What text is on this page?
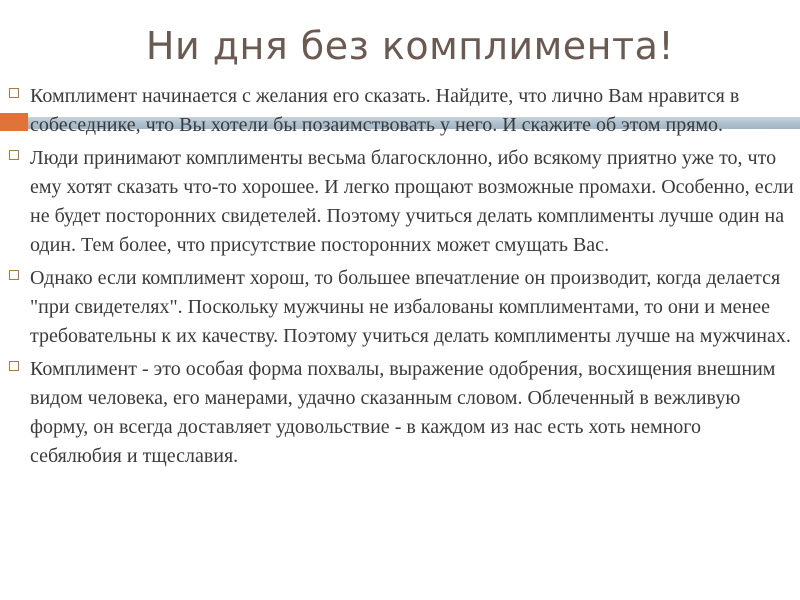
Ни дня без комплимента!
Комплимент начинается с желания его сказать. Найдите, что лично Вам нравится в собеседнике, что Вы хотели бы позаимствовать у него. И скажите об этом прямо.
Люди принимают комплименты весьма благосклонно, ибо всякому приятно уже то, что ему хотят сказать что-то хорошее. И легко прощают возможные промахи. Особенно, если не будет посторонних свидетелей. Поэтому учиться делать комплименты лучше один на один. Тем более, что присутствие посторонних может смущать Вас.
Однако если комплимент хорош, то большее впечатление он производит, когда делается "при свидетелях". Поскольку мужчины не избалованы комплиментами, то они и менее требовательны к их качеству. Поэтому учиться делать комплименты лучше на мужчинах.
Комплимент - это особая форма похвалы, выражение одобрения, восхищения внешним видом человека, его манерами, удачно сказанным словом. Облеченный в вежливую форму, он всегда доставляет удовольствие - в каждом из нас есть хоть немного себялюбия и тщеславия.
